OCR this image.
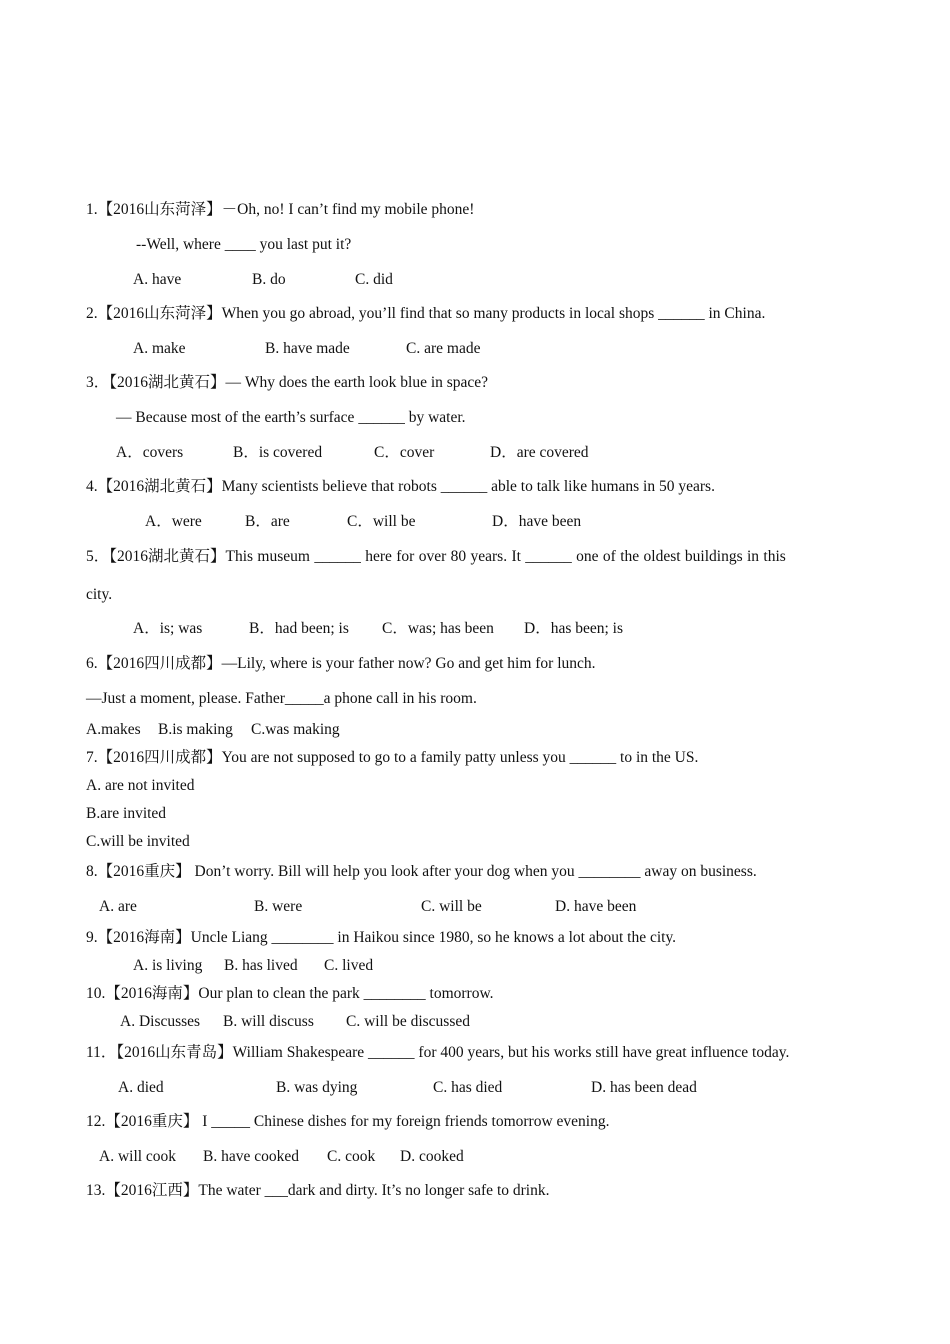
1.【2016山东菏泽】－Oh, no! I can’t find my mobile phone!
--Well, where ____ you last put it?
A. have	B. do	C. did
2.【2016山东菏泽】When you go abroad, you’ll find that so many products in local shops ______ in China.
A. make	B. have made	C. are made
3．【2016湖北黄石】— Why does the earth look blue in space?
— Because most of the earth’s surface ______ by water.
A．covers	B．is covered	C．cover	D．are covered
4.【2016湖北黄石】Many scientists believe that robots ______ able to talk like humans in 50 years.
A．were	B．are	C．will be	D．have been
5．【2016湖北黄石】This museum ______ here for over 80 years. It ______ one of the oldest buildings in this
city.
A．is; was	B．had been; is C．was; has been D．has been; is
6.【2016四川成都】—Lily, where is your father now? Go and get him for lunch.
—Just a moment, please. Father_____a phone call in his room.
A.makes B.is making C.was making
7.【2016四川成都】You are not supposed to go to a family patty unless you ______ to in the US.
A. are not invited
B.are invited
C.will be invited
8.【2016重庆】 Don’t worry. Bill will help you look after your dog when you ________ away on business.
A. are	B. were	C. will be	D. have been
9.【2016海南】Uncle Liang ________ in Haikou since 1980, so he knows a lot about the city.
A. is living B. has lived C. lived
10.【2016海南】Our plan to clean the park ________ tomorrow.
A. Discusses B. will discuss C. will be discussed
11．【2016山东青岛】William Shakespeare ______ for 400 years, but his works still have great influence today.
A. died	B. was dying	C. has died	D. has been dead
12.【2016重庆】 I _____ Chinese dishes for my foreign friends tomorrow evening.
A. will cook B. have cooked C. cook D. cooked
13.【2016江西】The water ___dark and dirty. It’s no longer safe to drink.
